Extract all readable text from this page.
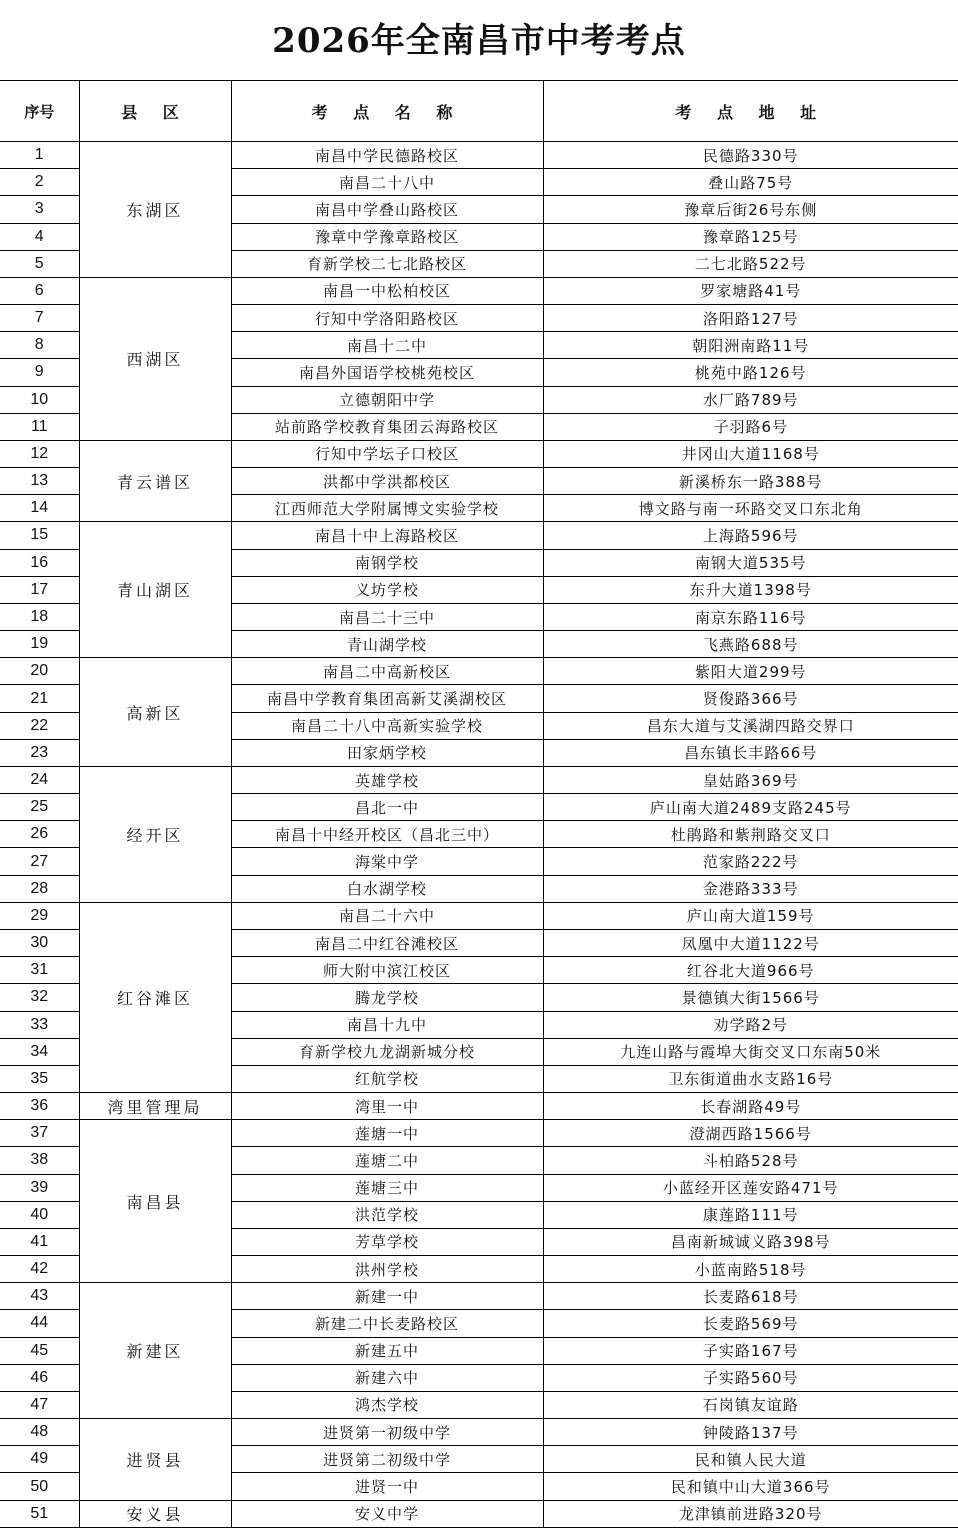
2026年全南昌市中考考点
序号	县 区	考 点 名 称	考 点 地 址
1	东湖区	南昌中学民德路校区	民德路330号
2		南昌二十八中	叠山路75号
3		南昌中学叠山路校区	豫章后街26号东侧
4		豫章中学豫章路校区	豫章路125号
5		育新学校二七北路校区	二七北路522号
6	西湖区	南昌一中松柏校区	罗家塘路41号
7		行知中学洛阳路校区	洛阳路127号
8		南昌十二中	朝阳洲南路11号
9		南昌外国语学校桃苑校区	桃苑中路126号
10		立德朝阳中学	水厂路789号
11		站前路学校教育集团云海路校区	子羽路6号
12	青云谱区	行知中学坛子口校区	井冈山大道1168号
13		洪都中学洪都校区	新溪桥东一路388号
14		江西师范大学附属博文实验学校	博文路与南一环路交叉口东北角
15	青山湖区	南昌十中上海路校区	上海路596号
16		南钢学校	南钢大道535号
17		义坊学校	东升大道1398号
18		南昌二十三中	南京东路116号
19		青山湖学校	飞燕路688号
20	高新区	南昌二中高新校区	紫阳大道299号
21		南昌中学教育集团高新艾溪湖校区	贤俊路366号
22		南昌二十八中高新实验学校	昌东大道与艾溪湖四路交界口
23		田家炳学校	昌东镇长丰路66号
24	经开区	英雄学校	皇姑路369号
25		昌北一中	庐山南大道2489支路245号
26		南昌十中经开校区（昌北三中）	杜鹃路和紫荆路交叉口
27		海棠中学	范家路222号
28		白水湖学校	金港路333号
29	红谷滩区	南昌二十六中	庐山南大道159号
30		南昌二中红谷滩校区	凤凰中大道1122号
31		师大附中滨江校区	红谷北大道966号
32		腾龙学校	景德镇大街1566号
33		南昌十九中	劝学路2号
34		育新学校九龙湖新城分校	九连山路与霞埠大街交叉口东南50米
35		红航学校	卫东街道曲水支路16号
36	湾里管理局	湾里一中	长春湖路49号
37	南昌县	莲塘一中	澄湖西路1566号
38		莲塘二中	斗柏路528号
39		莲塘三中	小蓝经开区莲安路471号
40		洪范学校	康莲路111号
41		芳草学校	昌南新城诚义路398号
42		洪州学校	小蓝南路518号
43	新建区	新建一中	长麦路618号
44		新建二中长麦路校区	长麦路569号
45		新建五中	子实路167号
46		新建六中	子实路560号
47		鸿杰学校	石岗镇友谊路
48	进贤县	进贤第一初级中学	钟陵路137号
49		进贤第二初级中学	民和镇人民大道
50		进贤一中	民和镇中山大道366号
51	安义县	安义中学	龙津镇前进路320号
